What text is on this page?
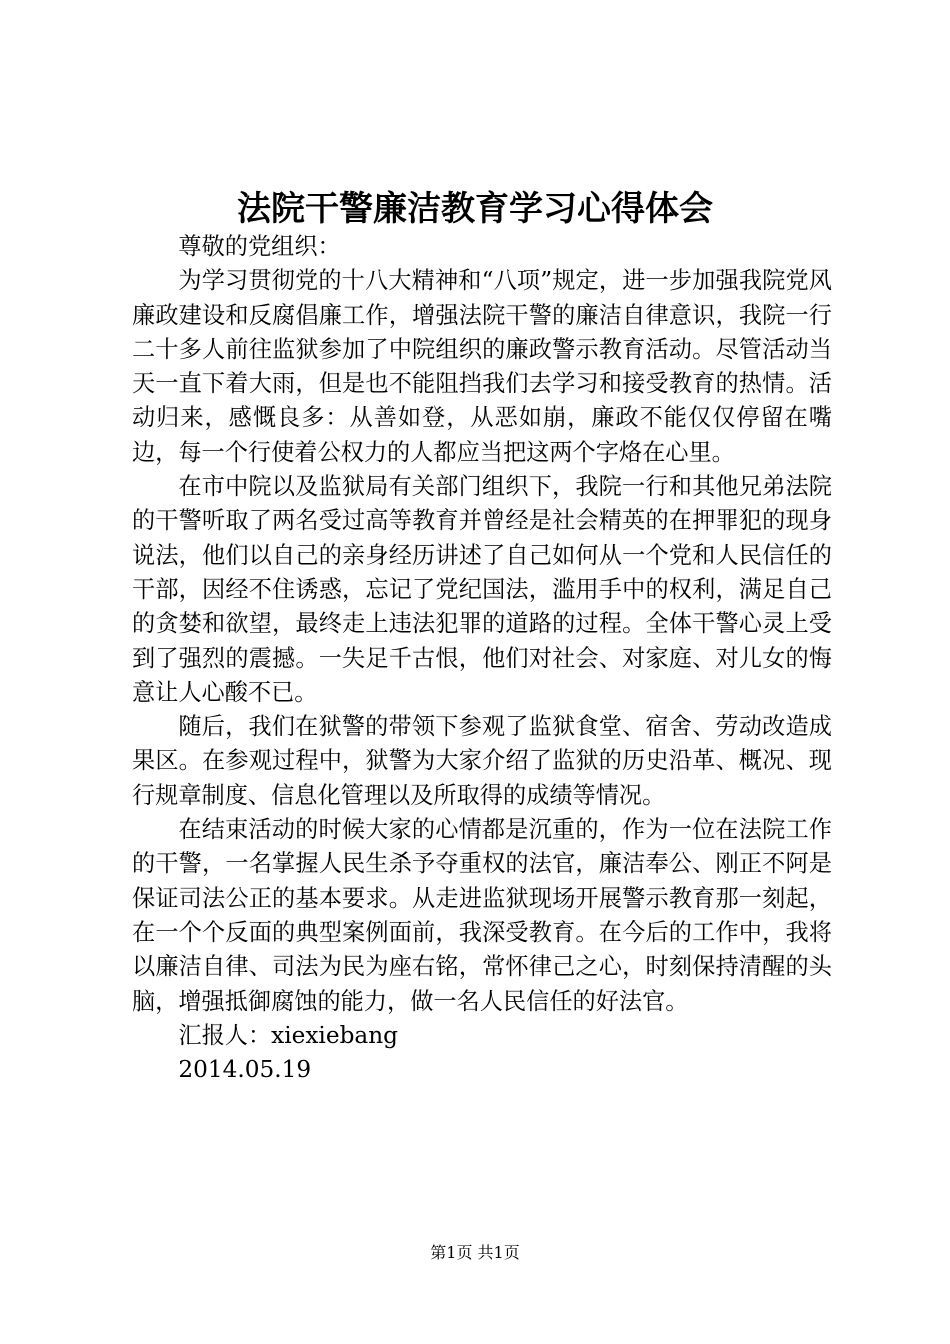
法院干警廉洁教育学习心得体会

尊敬的党组织：

为学习贯彻党的十八大精神和“八项”规定，进一步加强我院党风廉政建设和反腐倡廉工作，增强法院干警的廉洁自律意识，我院一行二十多人前往监狱参加了中院组织的廉政警示教育活动。尽管活动当天一直下着大雨，但是也不能阻挡我们去学习和接受教育的热情。活动归来，感慨良多：从善如登，从恶如崩，廉政不能仅仅停留在嘴边，每一个行使着公权力的人都应当把这两个字烙在心里。

在市中院以及监狱局有关部门组织下，我院一行和其他兄弟法院的干警听取了两名受过高等教育并曾经是社会精英的在押罪犯的现身说法，他们以自己的亲身经历讲述了自己如何从一个党和人民信任的干部，因经不住诱惑，忘记了党纪国法，滥用手中的权利，满足自己的贪婪和欲望，最终走上违法犯罪的道路的过程。全体干警心灵上受到了强烈的震撼。一失足千古恨，他们对社会、对家庭、对儿女的悔意让人心酸不已。

随后，我们在狱警的带领下参观了监狱食堂、宿舍、劳动改造成果区。在参观过程中，狱警为大家介绍了监狱的历史沿革、概况、现行规章制度、信息化管理以及所取得的成绩等情况。

在结束活动的时候大家的心情都是沉重的，作为一位在法院工作的干警，一名掌握人民生杀予夺重权的法官，廉洁奉公、刚正不阿是保证司法公正的基本要求。从走进监狱现场开展警示教育那一刻起，在一个个反面的典型案例面前，我深受教育。在今后的工作中，我将以廉洁自律、司法为民为座右铭，常怀律己之心，时刻保持清醒的头脑，增强抵御腐蚀的能力，做一名人民信任的好法官。

汇报人：xiexiebang

2014.05.19

第1页 共1页
